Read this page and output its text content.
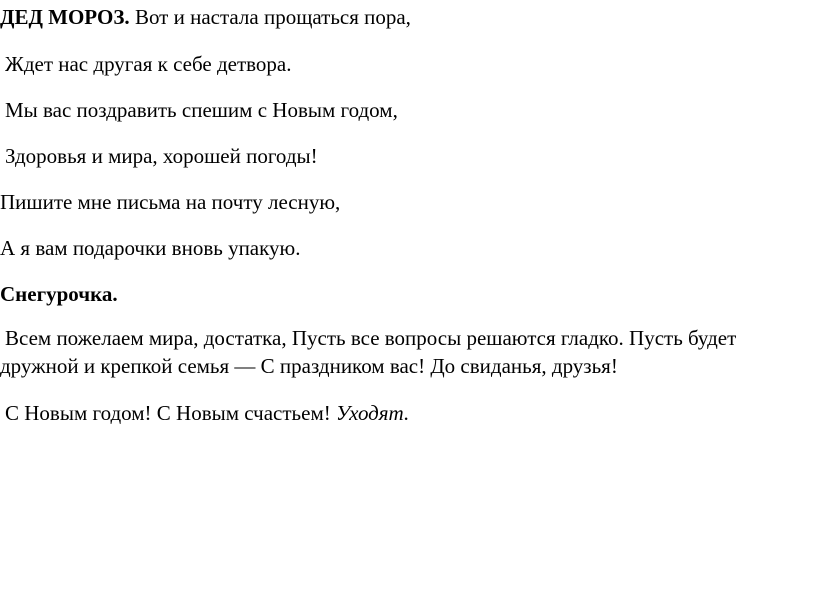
ДЕД МОРОЗ. Вот и настала прощаться пора,
Ждет нас другая к себе детвора.
Мы вас поздравить спешим с Новым годом,
Здоровья и мира, хорошей погоды!
Пишите мне письма на почту лесную,
А я вам подарочки вновь упакую.
Снегурочка.
Всем пожелаем мира, достатка, Пусть все вопросы решаются гладко. Пусть будет
дружной и крепкой семья — С праздником вас! До свиданья, друзья!
С Новым годом! С Новым счастьем! Уходят.
